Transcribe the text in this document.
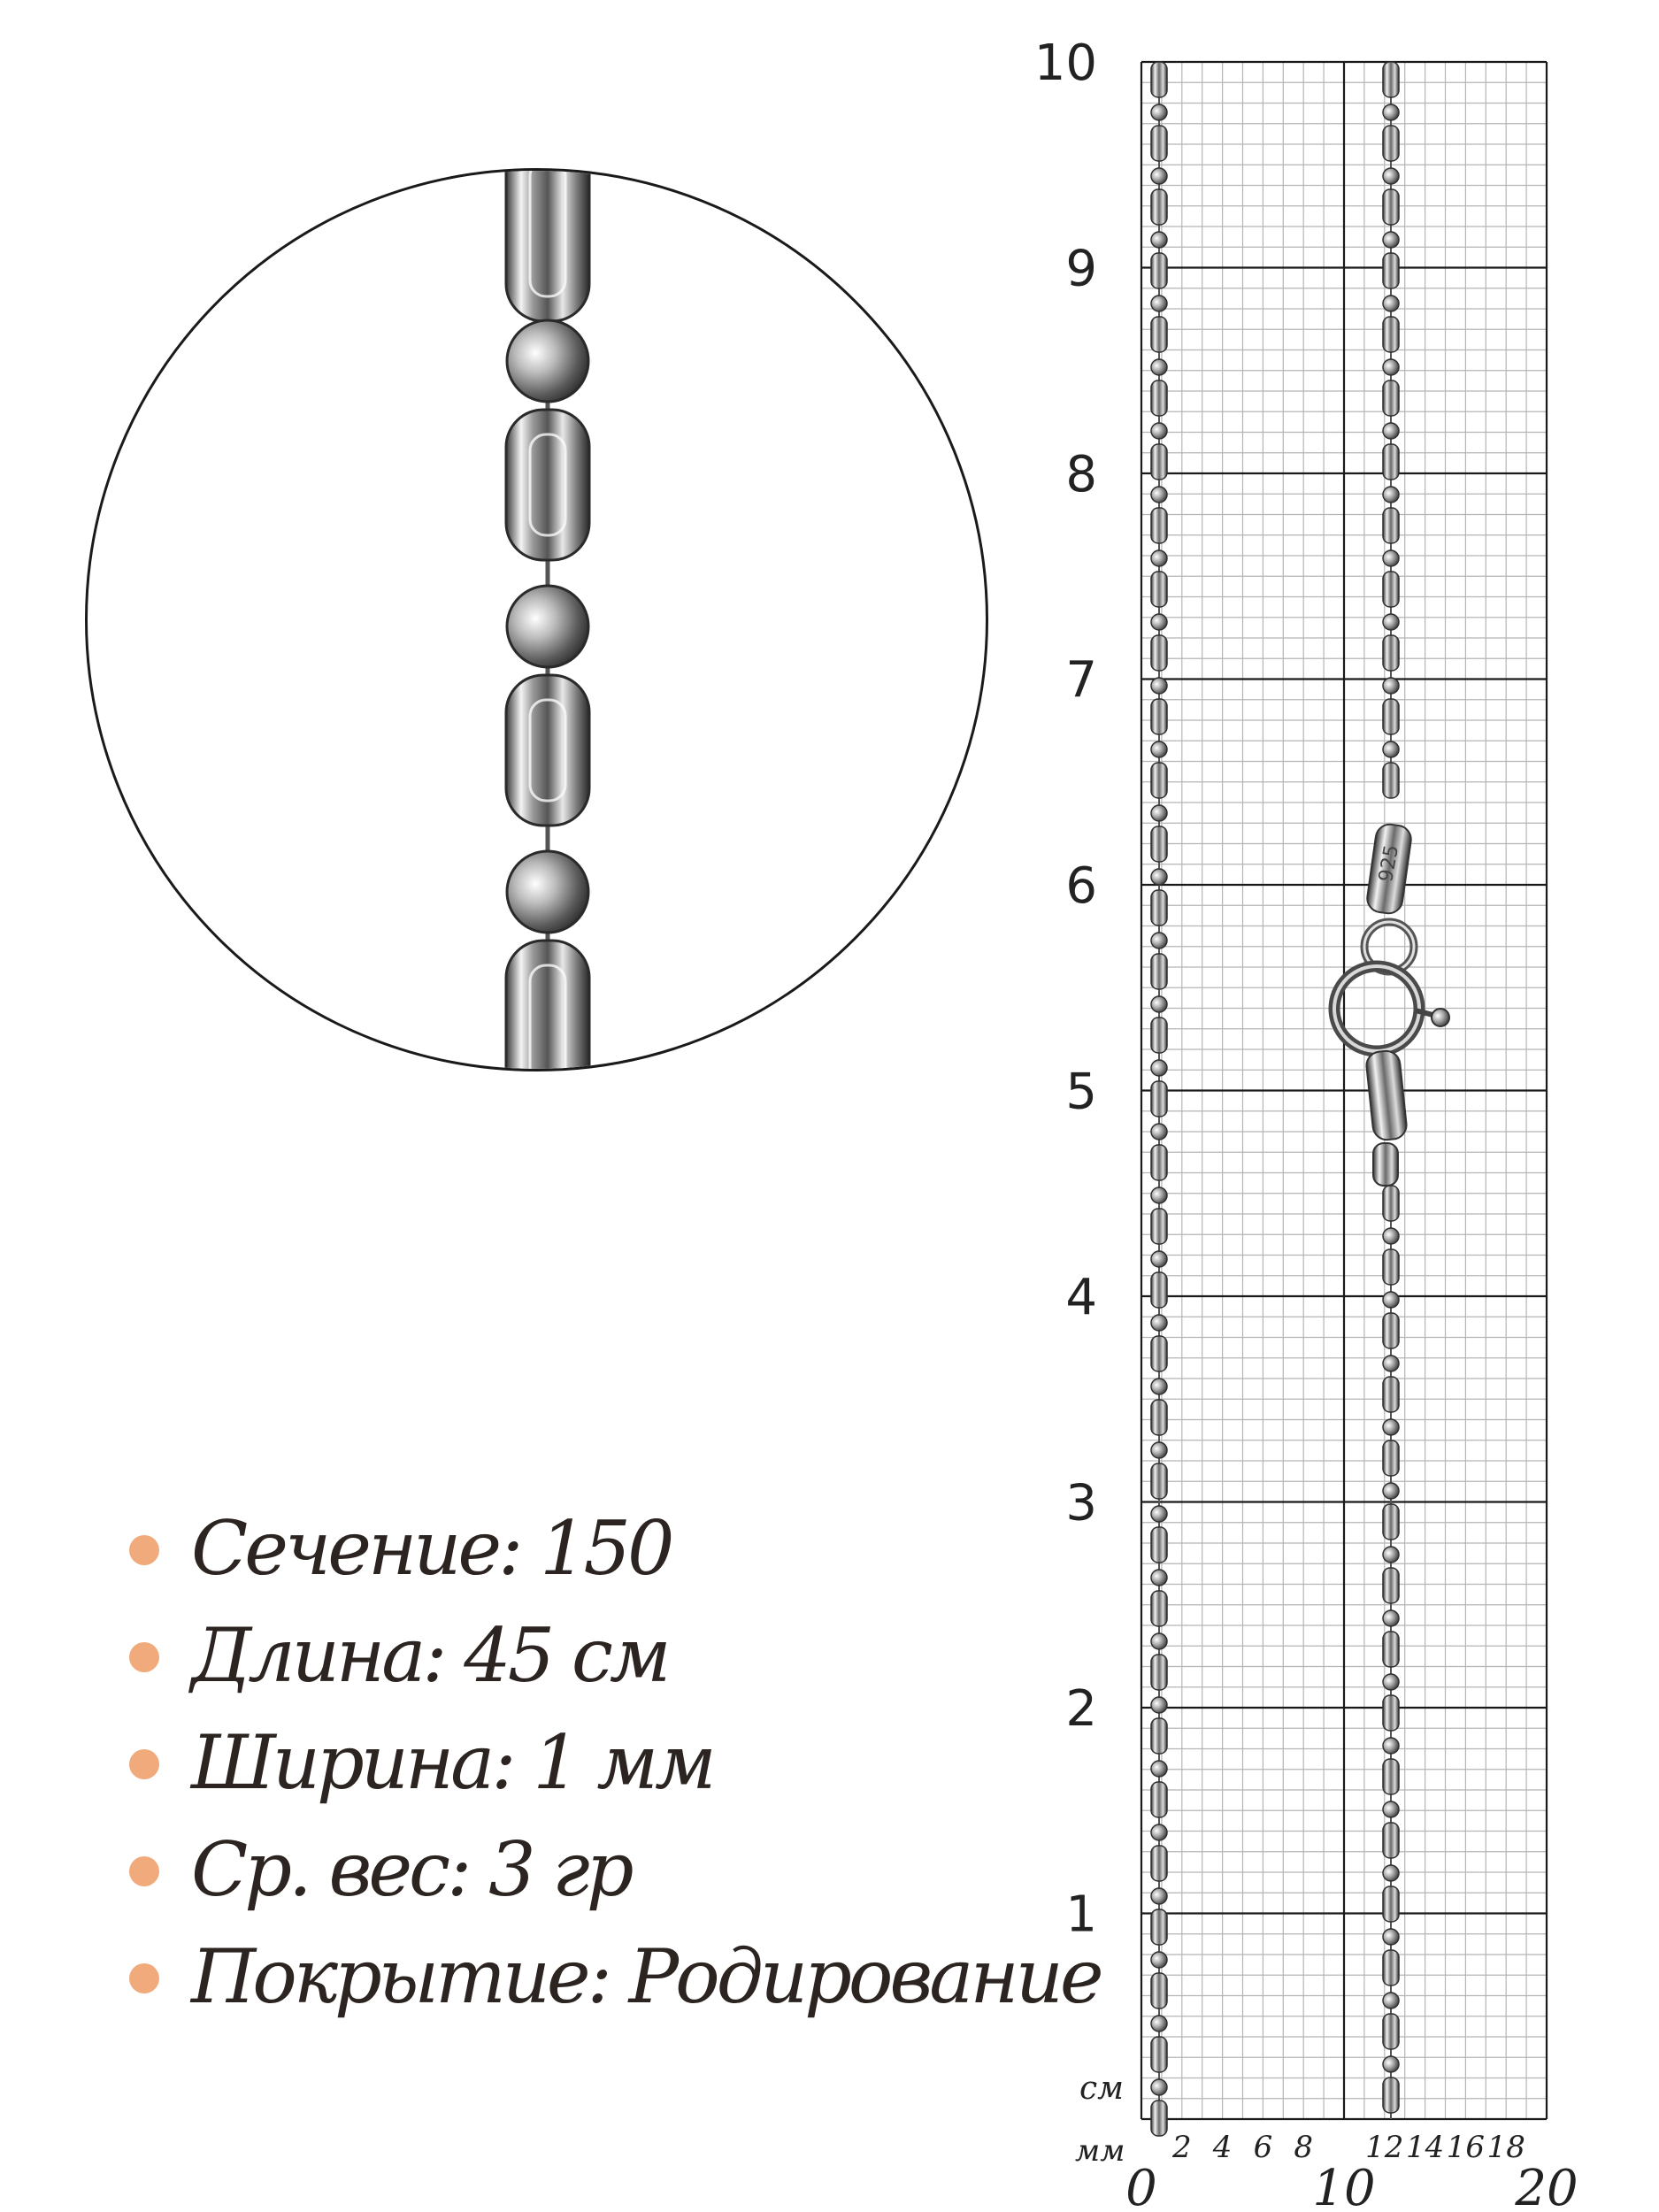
925
1
2
3
4
5
6
7
8
9
10
см
мм 2 4 6 8 12 14 16 18
0	10	20
Сечение: 150
Длина: 45 см
Ширина: 1 мм
Ср. вес: 3 гр
Покрытие: Родирование
